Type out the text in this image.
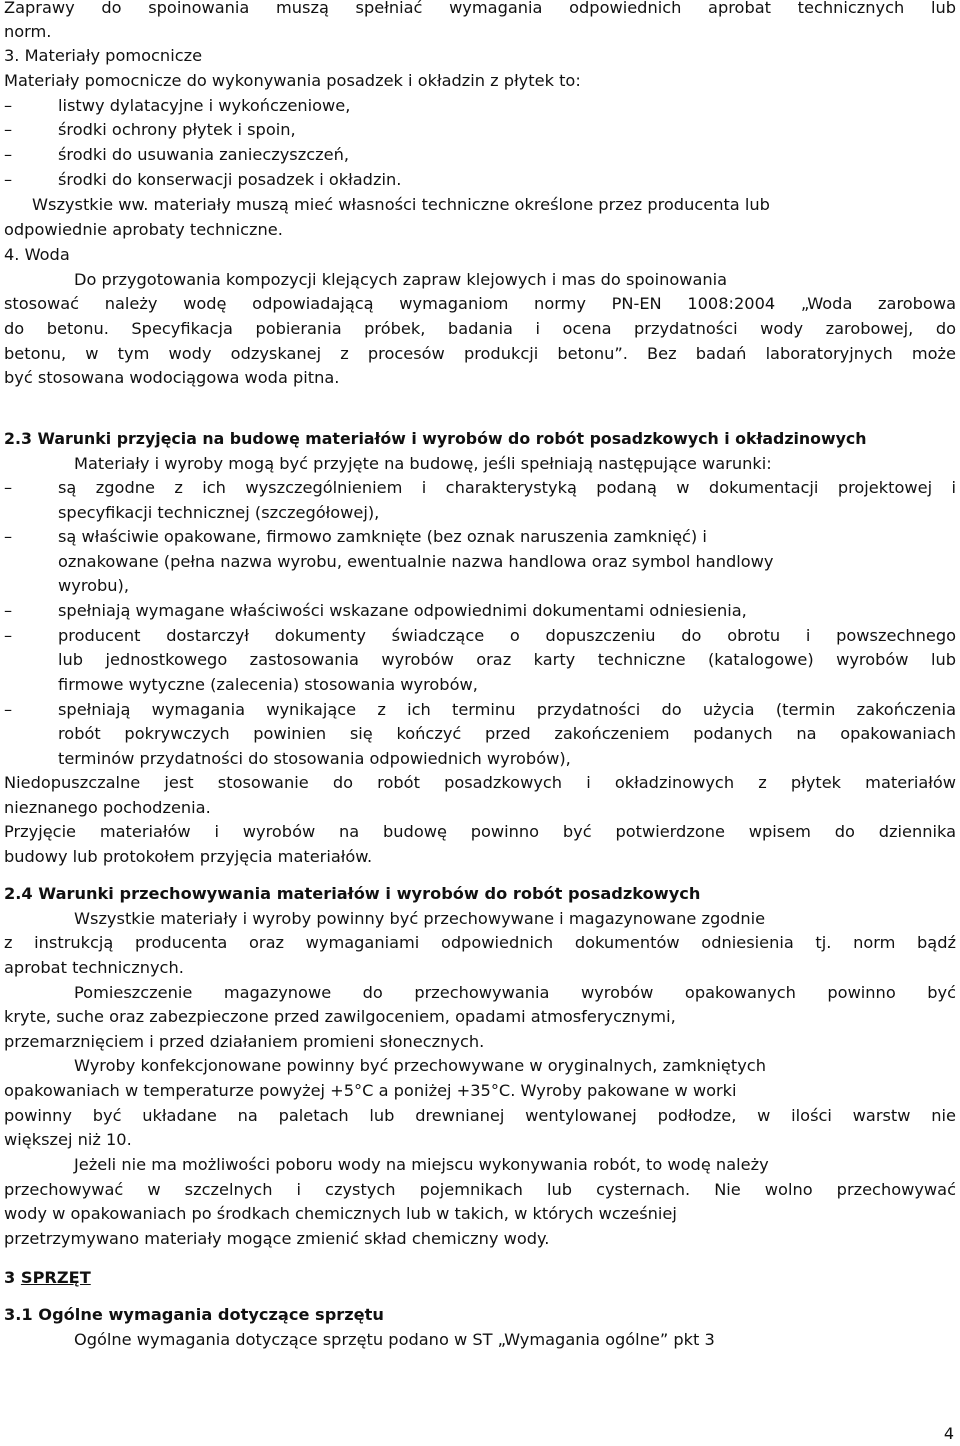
Zaprawy do spoinowania muszą spełniać wymagania odpowiednich aprobat technicznych lub
norm.
3. Materiały pomocnicze
Materiały pomocnicze do wykonywania posadzek i okładzin z płytek to:
–	listwy dylatacyjne i wykończeniowe,
–	środki ochrony płytek i spoin,
–	środki do usuwania zanieczyszczeń,
–	środki do konserwacji posadzek i okładzin.
Wszystkie ww. materiały muszą mieć własności techniczne określone przez producenta lub
odpowiednie aprobaty techniczne.
4. Woda
Do przygotowania kompozycji klejących zapraw klejowych i mas do spoinowania
stosować należy wodę odpowiadającą wymaganiom normy PN-EN 1008:2004 „Woda zarobowa
do betonu. Specyfikacja pobierania próbek, badania i ocena przydatności wody zarobowej, do
betonu, w tym wody odzyskanej z procesów produkcji betonu”. Bez badań laboratoryjnych może
być stosowana wodociągowa woda pitna.
2.3 Warunki przyjęcia na budowę materiałów i wyrobów do robót posadzkowych i okładzinowych
Materiały i wyroby mogą być przyjęte na budowę, jeśli spełniają następujące warunki:
–	są zgodne z ich wyszczególnieniem i charakterystyką podaną w dokumentacji projektowej i
specyfikacji technicznej (szczegółowej),
–	są właściwie opakowane, firmowo zamknięte (bez oznak naruszenia zamknięć) i
oznakowane (pełna nazwa wyrobu, ewentualnie nazwa handlowa oraz symbol handlowy
wyrobu),
–	spełniają wymagane właściwości wskazane odpowiednimi dokumentami odniesienia,
–	producent dostarczył dokumenty świadczące o dopuszczeniu do obrotu i powszechnego
lub jednostkowego zastosowania wyrobów oraz karty techniczne (katalogowe) wyrobów lub
firmowe wytyczne (zalecenia) stosowania wyrobów,
–	spełniają wymagania wynikające z ich terminu przydatności do użycia (termin zakończenia
robót pokrywczych powinien się kończyć przed zakończeniem podanych na opakowaniach
terminów przydatności do stosowania odpowiednich wyrobów),
Niedopuszczalne jest stosowanie do robót posadzkowych i okładzinowych z płytek materiałów
nieznanego pochodzenia.
Przyjęcie materiałów i wyrobów na budowę powinno być potwierdzone wpisem do dziennika
budowy lub protokołem przyjęcia materiałów.
2.4 Warunki przechowywania materiałów i wyrobów do robót posadzkowych
Wszystkie materiały i wyroby powinny być przechowywane i magazynowane zgodnie
z instrukcją producenta oraz wymaganiami odpowiednich dokumentów odniesienia tj. norm bądź
aprobat technicznych.
Pomieszczenie magazynowe do przechowywania wyrobów opakowanych powinno być
kryte, suche oraz zabezpieczone przed zawilgoceniem, opadami atmosferycznymi,
przemarznięciem i przed działaniem promieni słonecznych.
Wyroby konfekcjonowane powinny być przechowywane w oryginalnych, zamkniętych
opakowaniach w temperaturze powyżej +5°C a poniżej +35°C. Wyroby pakowane w worki
powinny być układane na paletach lub drewnianej wentylowanej podłodze, w ilości warstw nie
większej niż 10.
Jeżeli nie ma możliwości poboru wody na miejscu wykonywania robót, to wodę należy
przechowywać w szczelnych i czystych pojemnikach lub cysternach. Nie wolno przechowywać
wody w opakowaniach po środkach chemicznych lub w takich, w których wcześniej
przetrzymywano materiały mogące zmienić skład chemiczny wody.
3 SPRZĘT
3.1 Ogólne wymagania dotyczące sprzętu
Ogólne wymagania dotyczące sprzętu podano w ST „Wymagania ogólne” pkt 3
4
